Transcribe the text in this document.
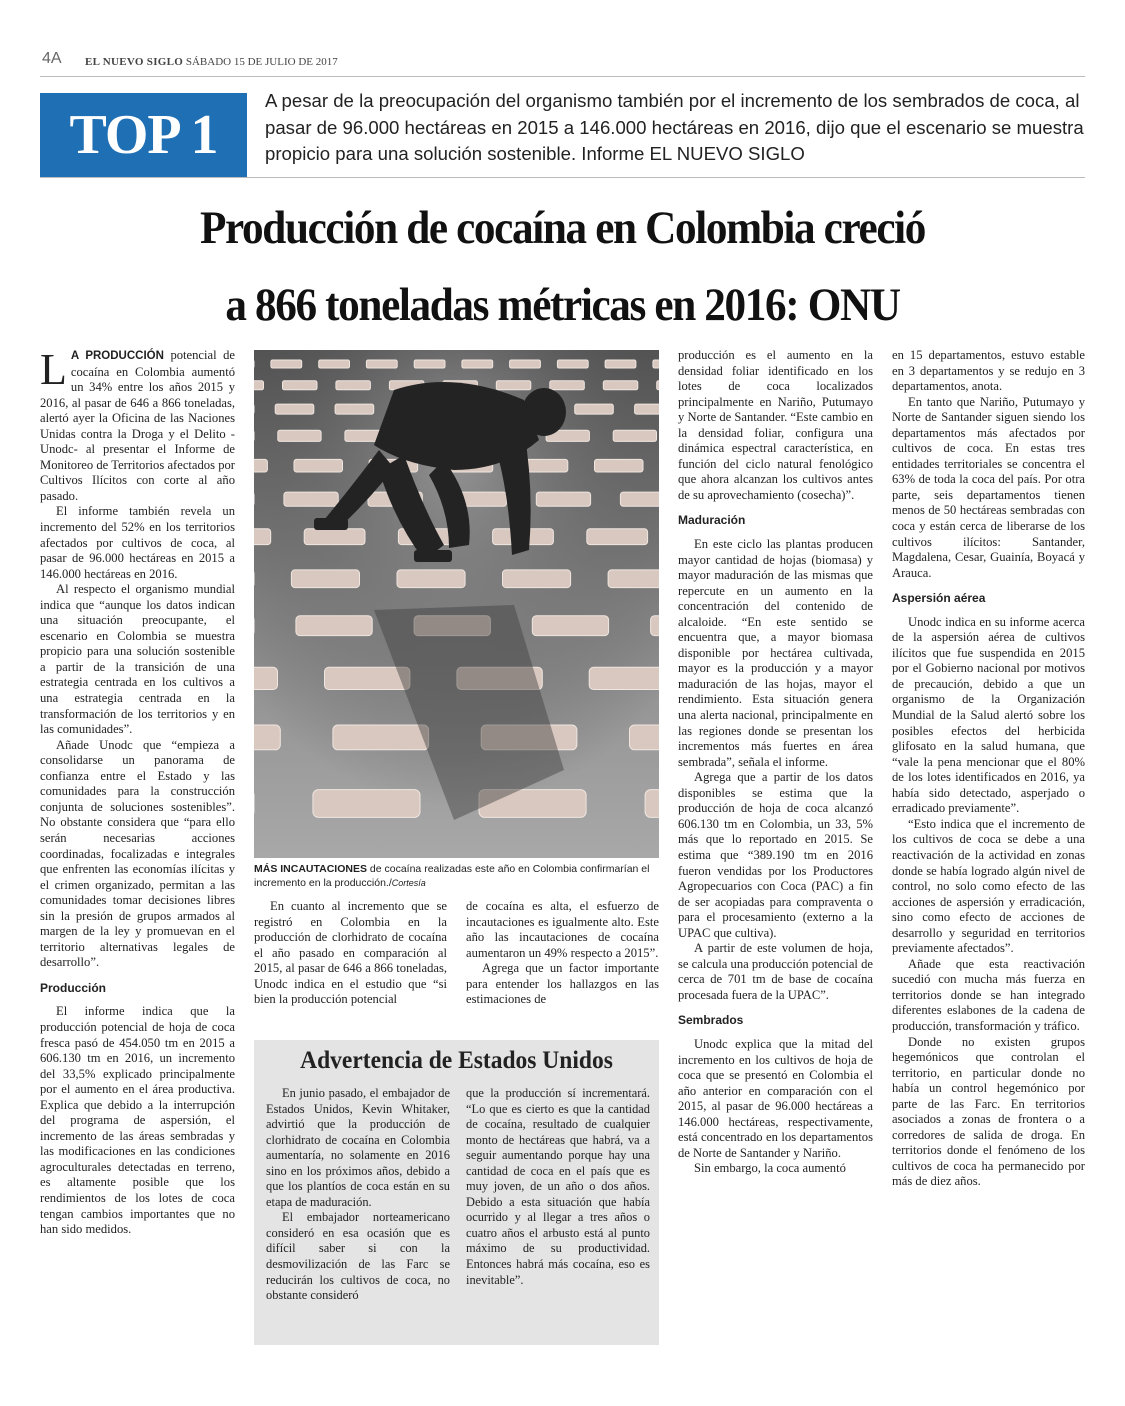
4A EL NUEVO SIGLO SÁBADO 15 DE JULIO DE 2017
TOP 1
A pesar de la preocupación del organismo también por el incremento de los sembrados de coca, al pasar de 96.000 hectáreas en 2015 a 146.000 hectáreas en 2016, dijo que el escenario se muestra propicio para una solución sostenible. Informe EL NUEVO SIGLO
Producción de cocaína en Colombia creció
a 866 toneladas métricas en 2016: ONU

L A PRODUCCIÓN potencial de cocaína en Colombia aumentó un 34% entre los años 2015 y 2016, al pasar de 646 a 866 toneladas, alertó ayer la Oficina de las Naciones Unidas contra la Droga y el Delito -Unodc- al presentar el Informe de Monitoreo de Territorios afectados por Cultivos Ilícitos con corte al año pasado.

El informe también revela un incremento del 52% en los territorios afectados por cultivos de coca, al pasar de 96.000 hectáreas en 2015 a 146.000 hectáreas en 2016.

Al respecto el organismo mundial indica que “aunque los datos indican una situación preocupante, el escenario en Colombia se muestra propicio para una solución sostenible a partir de la transición de una estrategia centrada en los cultivos a una estrategia centrada en la transformación de los territorios y en las comunidades”.

Añade Unodc que “empieza a consolidarse un panorama de confianza entre el Estado y las comunidades para la construcción conjunta de soluciones sostenibles”. No obstante considera que “para ello serán necesarias acciones coordinadas, focalizadas e integrales que enfrenten las economías ilícitas y el crimen organizado, permitan a las comunidades tomar decisiones libres sin la presión de grupos armados al margen de la ley y promuevan en el territorio alternativas legales de desarrollo”.

Producción

El informe indica que la producción potencial de hoja de coca fresca pasó de 454.050 tm en 2015 a 606.130 tm en 2016, un incremento del 33,5% explicado principalmente por el aumento en el área productiva. Explica que debido a la interrupción del programa de aspersión, el incremento de las áreas sembradas y las modificaciones en las condiciones agroculturales detectadas en terreno, es altamente posible que los rendimientos de los lotes de coca tengan cambios importantes que no han sido medidos.

MÁS INCAUTACIONES de cocaína realizadas este año en Colombia confirmarían el incremento en la producción./Cortesía

En cuanto al incremento que se registró en Colombia en la producción de clorhidrato de cocaína el año pasado en comparación al 2015, al pasar de 646 a 866 toneladas, Unodc indica en el estudio que “si bien la producción potencial

de cocaína es alta, el esfuerzo de incautaciones es igualmente alto. Este año las incautaciones de cocaína aumentaron un 49% respecto a 2015”.

Agrega que un factor importante para entender los hallazgos en las estimaciones de

Advertencia de Estados Unidos

En junio pasado, el embajador de Estados Unidos, Kevin Whitaker, advirtió que la producción de clorhidrato de cocaína en Colombia aumentaría, no solamente en 2016 sino en los próximos años, debido a que los plantíos de coca están en su etapa de maduración.

El embajador norteamericano consideró en esa ocasión que es difícil saber si con la desmovilización de las Farc se reducirán los cultivos de coca, no obstante consideró

que la producción sí incrementará. “Lo que es cierto es que la cantidad de cocaína, resultado de cualquier monto de hectáreas que habrá, va a seguir aumentando porque hay una cantidad de coca en el país que es muy joven, de un año o dos años. Debido a esta situación que había ocurrido y al llegar a tres años o cuatro años el arbusto está al punto máximo de su productividad. Entonces habrá más cocaína, eso es inevitable”.

producción es el aumento en la densidad foliar identificado en los lotes de coca localizados principalmente en Nariño, Putumayo y Norte de Santander. “Este cambio en la densidad foliar, configura una dinámica espectral característica, en función del ciclo natural fenológico que ahora alcanzan los cultivos antes de su aprovechamiento (cosecha)”.

Maduración

En este ciclo las plantas producen mayor cantidad de hojas (biomasa) y mayor maduración de las mismas que repercute en un aumento en la concentración del contenido de alcaloide. “En este sentido se encuentra que, a mayor biomasa disponible por hectárea cultivada, mayor es la producción y a mayor maduración de las hojas, mayor el rendimiento. Esta situación genera una alerta nacional, principalmente en las regiones donde se presentan los incrementos más fuertes en área sembrada”, señala el informe.

Agrega que a partir de los datos disponibles se estima que la producción de hoja de coca alcanzó 606.130 tm en Colombia, un 33, 5% más que lo reportado en 2015. Se estima que “389.190 tm en 2016 fueron vendidas por los Productores Agropecuarios con Coca (PAC) a fin de ser acopiadas para compraventa o para el procesamiento (externo a la UPAC que cultiva).

A partir de este volumen de hoja, se calcula una producción potencial de cerca de 701 tm de base de cocaína procesada fuera de la UPAC”.

Sembrados

Unodc explica que la mitad del incremento en los cultivos de hoja de coca que se presentó en Colombia el año anterior en comparación con el 2015, al pasar de 96.000 hectáreas a 146.000 hectáreas, respectivamente, está concentrado en los departamentos de Norte de Santander y Nariño.

Sin embargo, la coca aumentó

en 15 departamentos, estuvo estable en 3 departamentos y se redujo en 3 departamentos, anota.

En tanto que Nariño, Putumayo y Norte de Santander siguen siendo los departamentos más afectados por cultivos de coca. En estas tres entidades territoriales se concentra el 63% de toda la coca del país. Por otra parte, seis departamentos tienen menos de 50 hectáreas sembradas con coca y están cerca de liberarse de los cultivos ilícitos: Santander, Magdalena, Cesar, Guainía, Boyacá y Arauca.

Aspersión aérea

Unodc indica en su informe acerca de la aspersión aérea de cultivos ilícitos que fue suspendida en 2015 por el Gobierno nacional por motivos de precaución, debido a que un organismo de la Organización Mundial de la Salud alertó sobre los posibles efectos del herbicida glifosato en la salud humana, que “vale la pena mencionar que el 80% de los lotes identificados en 2016, ya había sido detectado, asperjado o erradicado previamente”.

“Esto indica que el incremento de los cultivos de coca se debe a una reactivación de la actividad en zonas donde se había logrado algún nivel de control, no solo como efecto de las acciones de aspersión y erradicación, sino como efecto de acciones de desarrollo y seguridad en territorios previamente afectados”.

Añade que esta reactivación sucedió con mucha más fuerza en territorios donde se han integrado diferentes eslabones de la cadena de producción, transformación y tráfico.

Donde no existen grupos hegemónicos que controlan el territorio, en particular donde no había un control hegemónico por parte de las Farc. En territorios asociados a zonas de frontera o a corredores de salida de droga. En territorios donde el fenómeno de los cultivos de coca ha permanecido por más de diez años.
